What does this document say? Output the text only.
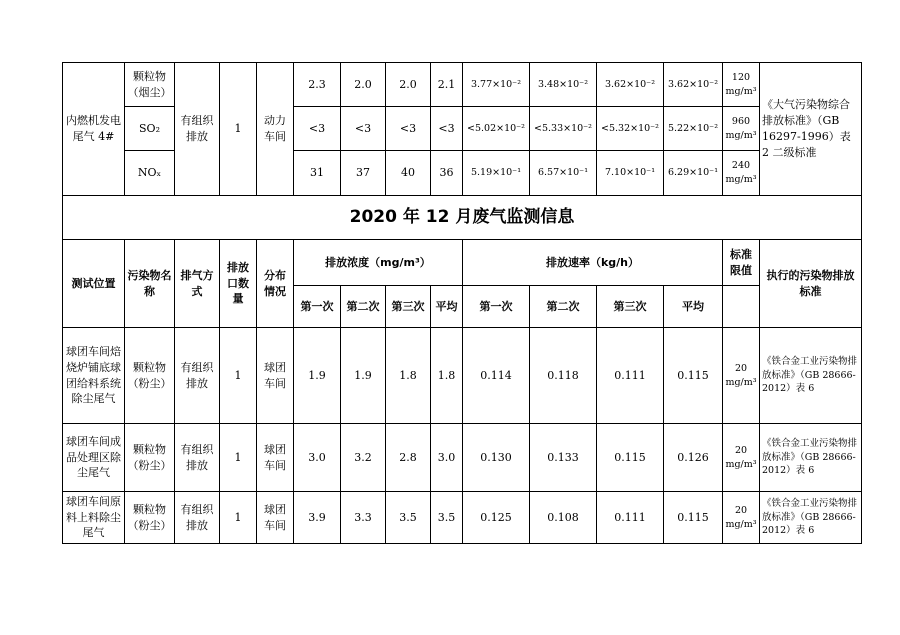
内燃机发电尾气 4#	颗粒物（烟尘）	有组织排放	1	动力车间	2.3	2.0	2.0	2.1	3.77×10⁻²	3.48×10⁻²	3.62×10⁻²	3.62×10⁻²	120 mg/m³	《大气污染物综合排放标准》（GB 16297-1996）表 2 二级标准
	SO₂				<3	<3	<3	<3	<5.02×10⁻²	<5.33×10⁻²	<5.32×10⁻²	5.22×10⁻²	960 mg/m³	
	NOₓ				31	37	40	36	5.19×10⁻¹	6.57×10⁻¹	7.10×10⁻¹	6.29×10⁻¹	240 mg/m³	
2020 年 12 月废气监测信息														
测试位置	污染物名称	排气方式	排放口数量	分布情况	排放浓度（mg/m³）				排放速率（kg/h）				标准限值	执行的污染物排放标准
					第一次	第二次	第三次	平均	第一次	第二次	第三次	平均		
球团车间焙烧炉铺底球团给料系统除尘尾气	颗粒物（粉尘）	有组织排放	1	球团车间	1.9	1.9	1.8	1.8	0.114	0.118	0.111	0.115	20 mg/m³	《铁合金工业污染物排放标准》（GB 28666-2012）表 6
球团车间成品处理区除尘尾气	颗粒物（粉尘）	有组织排放	1	球团车间	3.0	3.2	2.8	3.0	0.130	0.133	0.115	0.126	20 mg/m³	《铁合金工业污染物排放标准》（GB 28666-2012）表 6
球团车间原料上料除尘尾气	颗粒物（粉尘）	有组织排放	1	球团车间	3.9	3.3	3.5	3.5	0.125	0.108	0.111	0.115	20 mg/m³	《铁合金工业污染物排放标准》（GB 28666-2012）表 6
